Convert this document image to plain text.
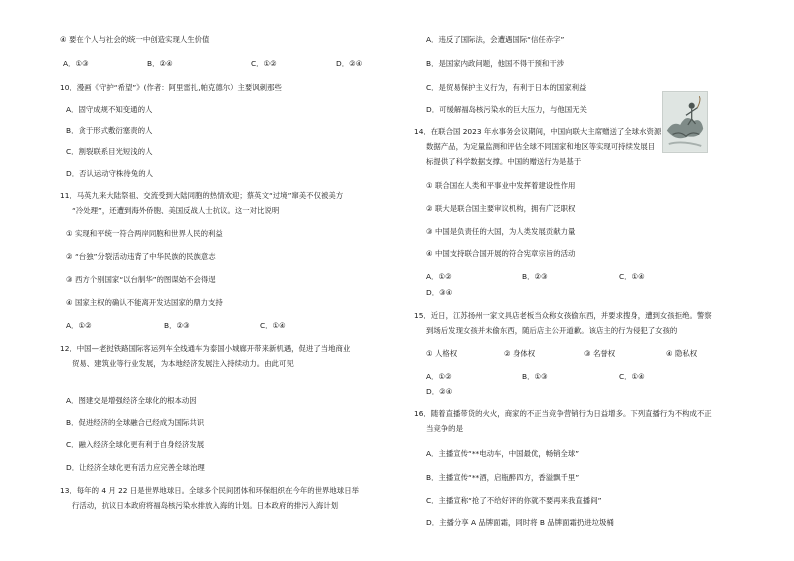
④ 要在个人与社会的统一中创造实现人生价值
A．①③	B．②④	C．①②	D．②④
10．漫画《守护“希望”》(作者：阿里雷扎,帕克德尔）主要讽刺那些
A．固守成规不知变通的人
B．贪于形式敷衍塞责的人
C．割裂联系目光短浅的人
D．否认运动守株待兔的人
11．马英九来大陆祭祖、交流受到大陆同胞的热情欢迎；蔡英文“过境”窜美不仅被美方
“冷处理”，还遭到海外侨胞、美国反战人士抗议。这一对比说明
① 实现和平统一符合两岸同胞和世界人民的利益
② “台独”分裂活动违背了中华民族的民族意志
③ 西方个别国家“以台制华”的图谋始不会得逞
④ 国家主权的确认不能离开发达国家的鼎力支持
A．①②	B．②③	C．①④
12．中国—老挝铁路国际客运列车全线通车为泰国小城廊开带来新机遇，促进了当地商业
贸易、建筑业等行业发展，为本地经济发展注入持续动力。由此可见
A．图建交是增强经济全球化的根本动因
B．促进经济的全球融合已经成为国际共识
C．融入经济全球化更有利于自身经济发展
D．让经济全球化更有活力应完善全球治理
13．每年的 4 月 22 日是世界地球日。全球多个民间团体和环保组织在今年的世界地球日举
行活动，抗议日本政府将福岛核污染水排放入海的计划。日本政府的排污入海计划
A．违反了国际法，会遭遇国际“信任赤字”
B．是国家内政问题，他国不得干预和干涉
C．是贸易保护主义行为，有利于日本的国家利益
D．可缓解福岛核污染水的巨大压力，与他国无关
14．在联合国 2023 年水事务会议期间，中国向联大主席赠送了全球水资源
数据产品，为定量监测和评估全球不同国家和地区等实现可持续发展目
标提供了科学数据支撑。中国的赠送行为是基于
① 联合国在人类和平事业中发挥着建设性作用
② 联大是联合国主要审议机构，拥有广泛职权
③ 中国是负责任的大国，为人类发展贡献力量
④ 中国支持联合国开展的符合宪章宗旨的活动
A．①②	B．②③	C．①④
D．③④
15．近日，江苏扬州一家文具店老板当众称女孩偷东西，并要求搜身，遭到女孩拒绝。警察
到场后发现女孩并未偷东西，随后店主公开道歉。该店主的行为侵犯了女孩的
① 人格权	② 身体权	③ 名誉权	④ 隐私权
A．①②	B．①③	C．①④
D．②④
16．随着直播带货的火火，商家的不正当竞争营销行为日益增多。下列直播行为不构成不正
当竞争的是
A．主播宣传“**电动车，中国最优，畅销全球”
B．主播宣传“**酒，启瓶醉四方，香溢飘千里”
C．主播宣称“抢了不给好评的你就不要再来我直播间”
D．主播分享 A 品牌面霜，同时将 B 品牌面霜扔进垃圾桶
